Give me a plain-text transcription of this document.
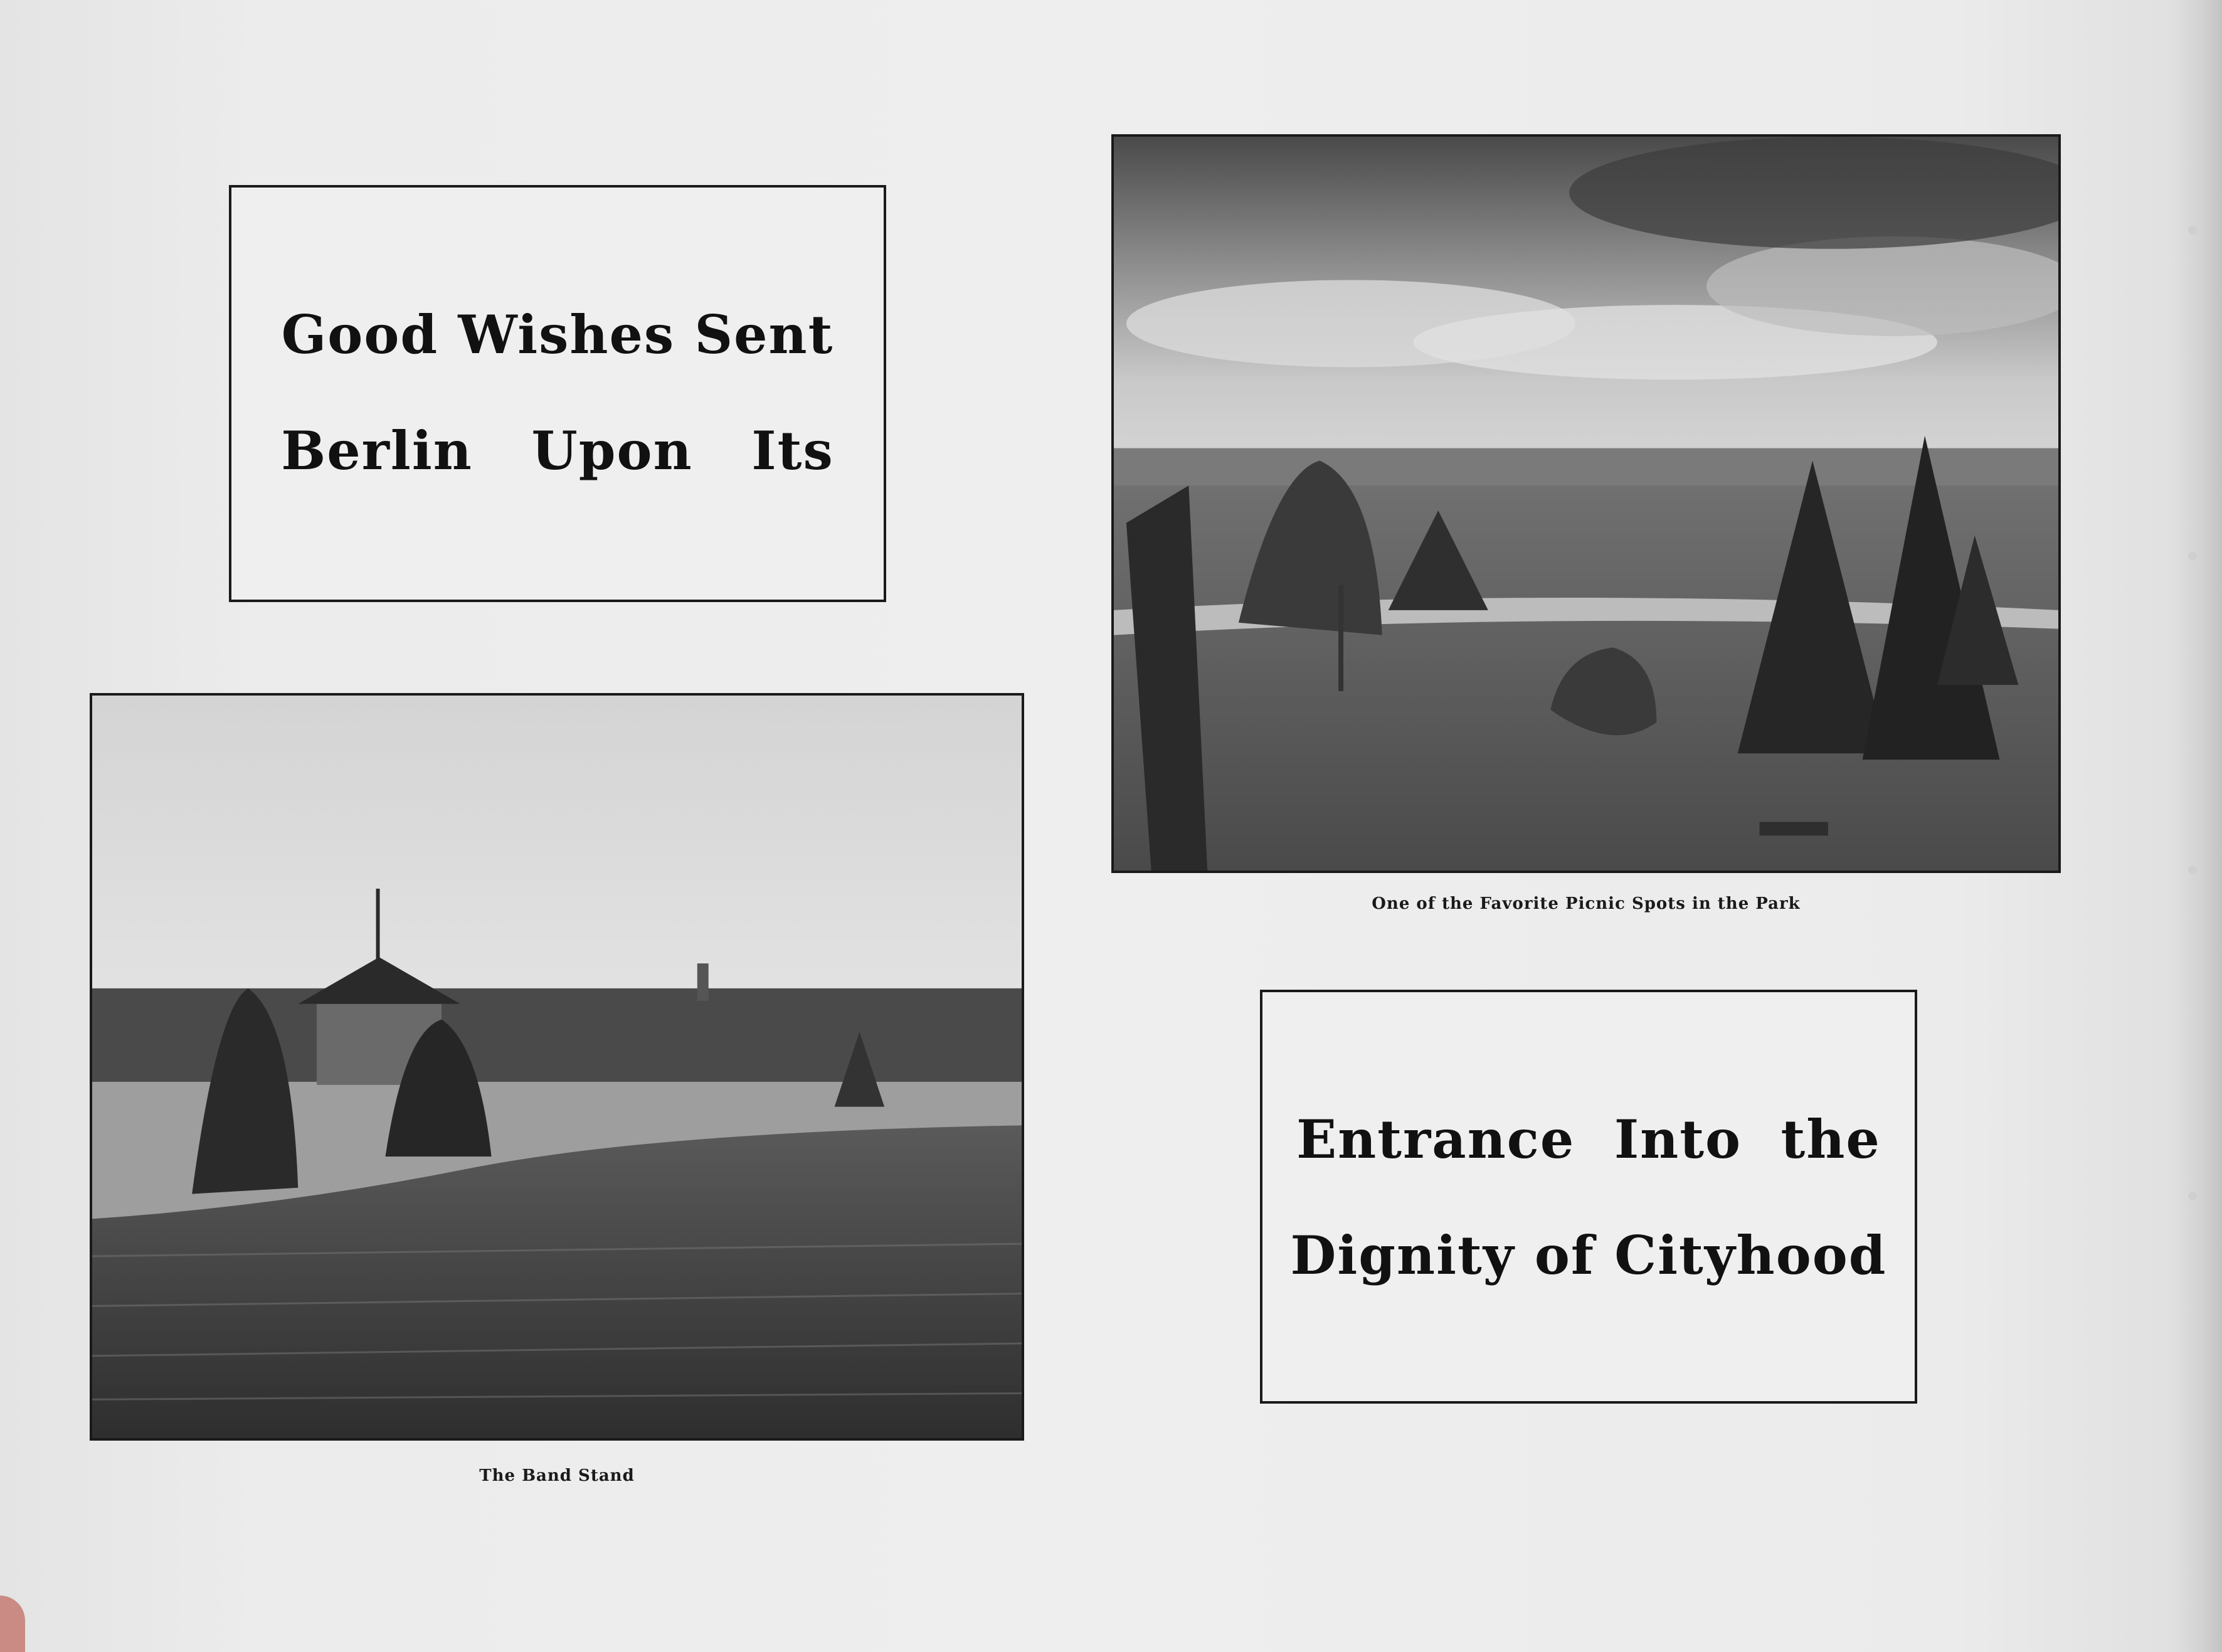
Good Wishes Sent
Berlin   Upon   Its
One of the Favorite Picnic Spots in the Park
The Band Stand
Entrance  Into  the
Dignity of Cityhood
